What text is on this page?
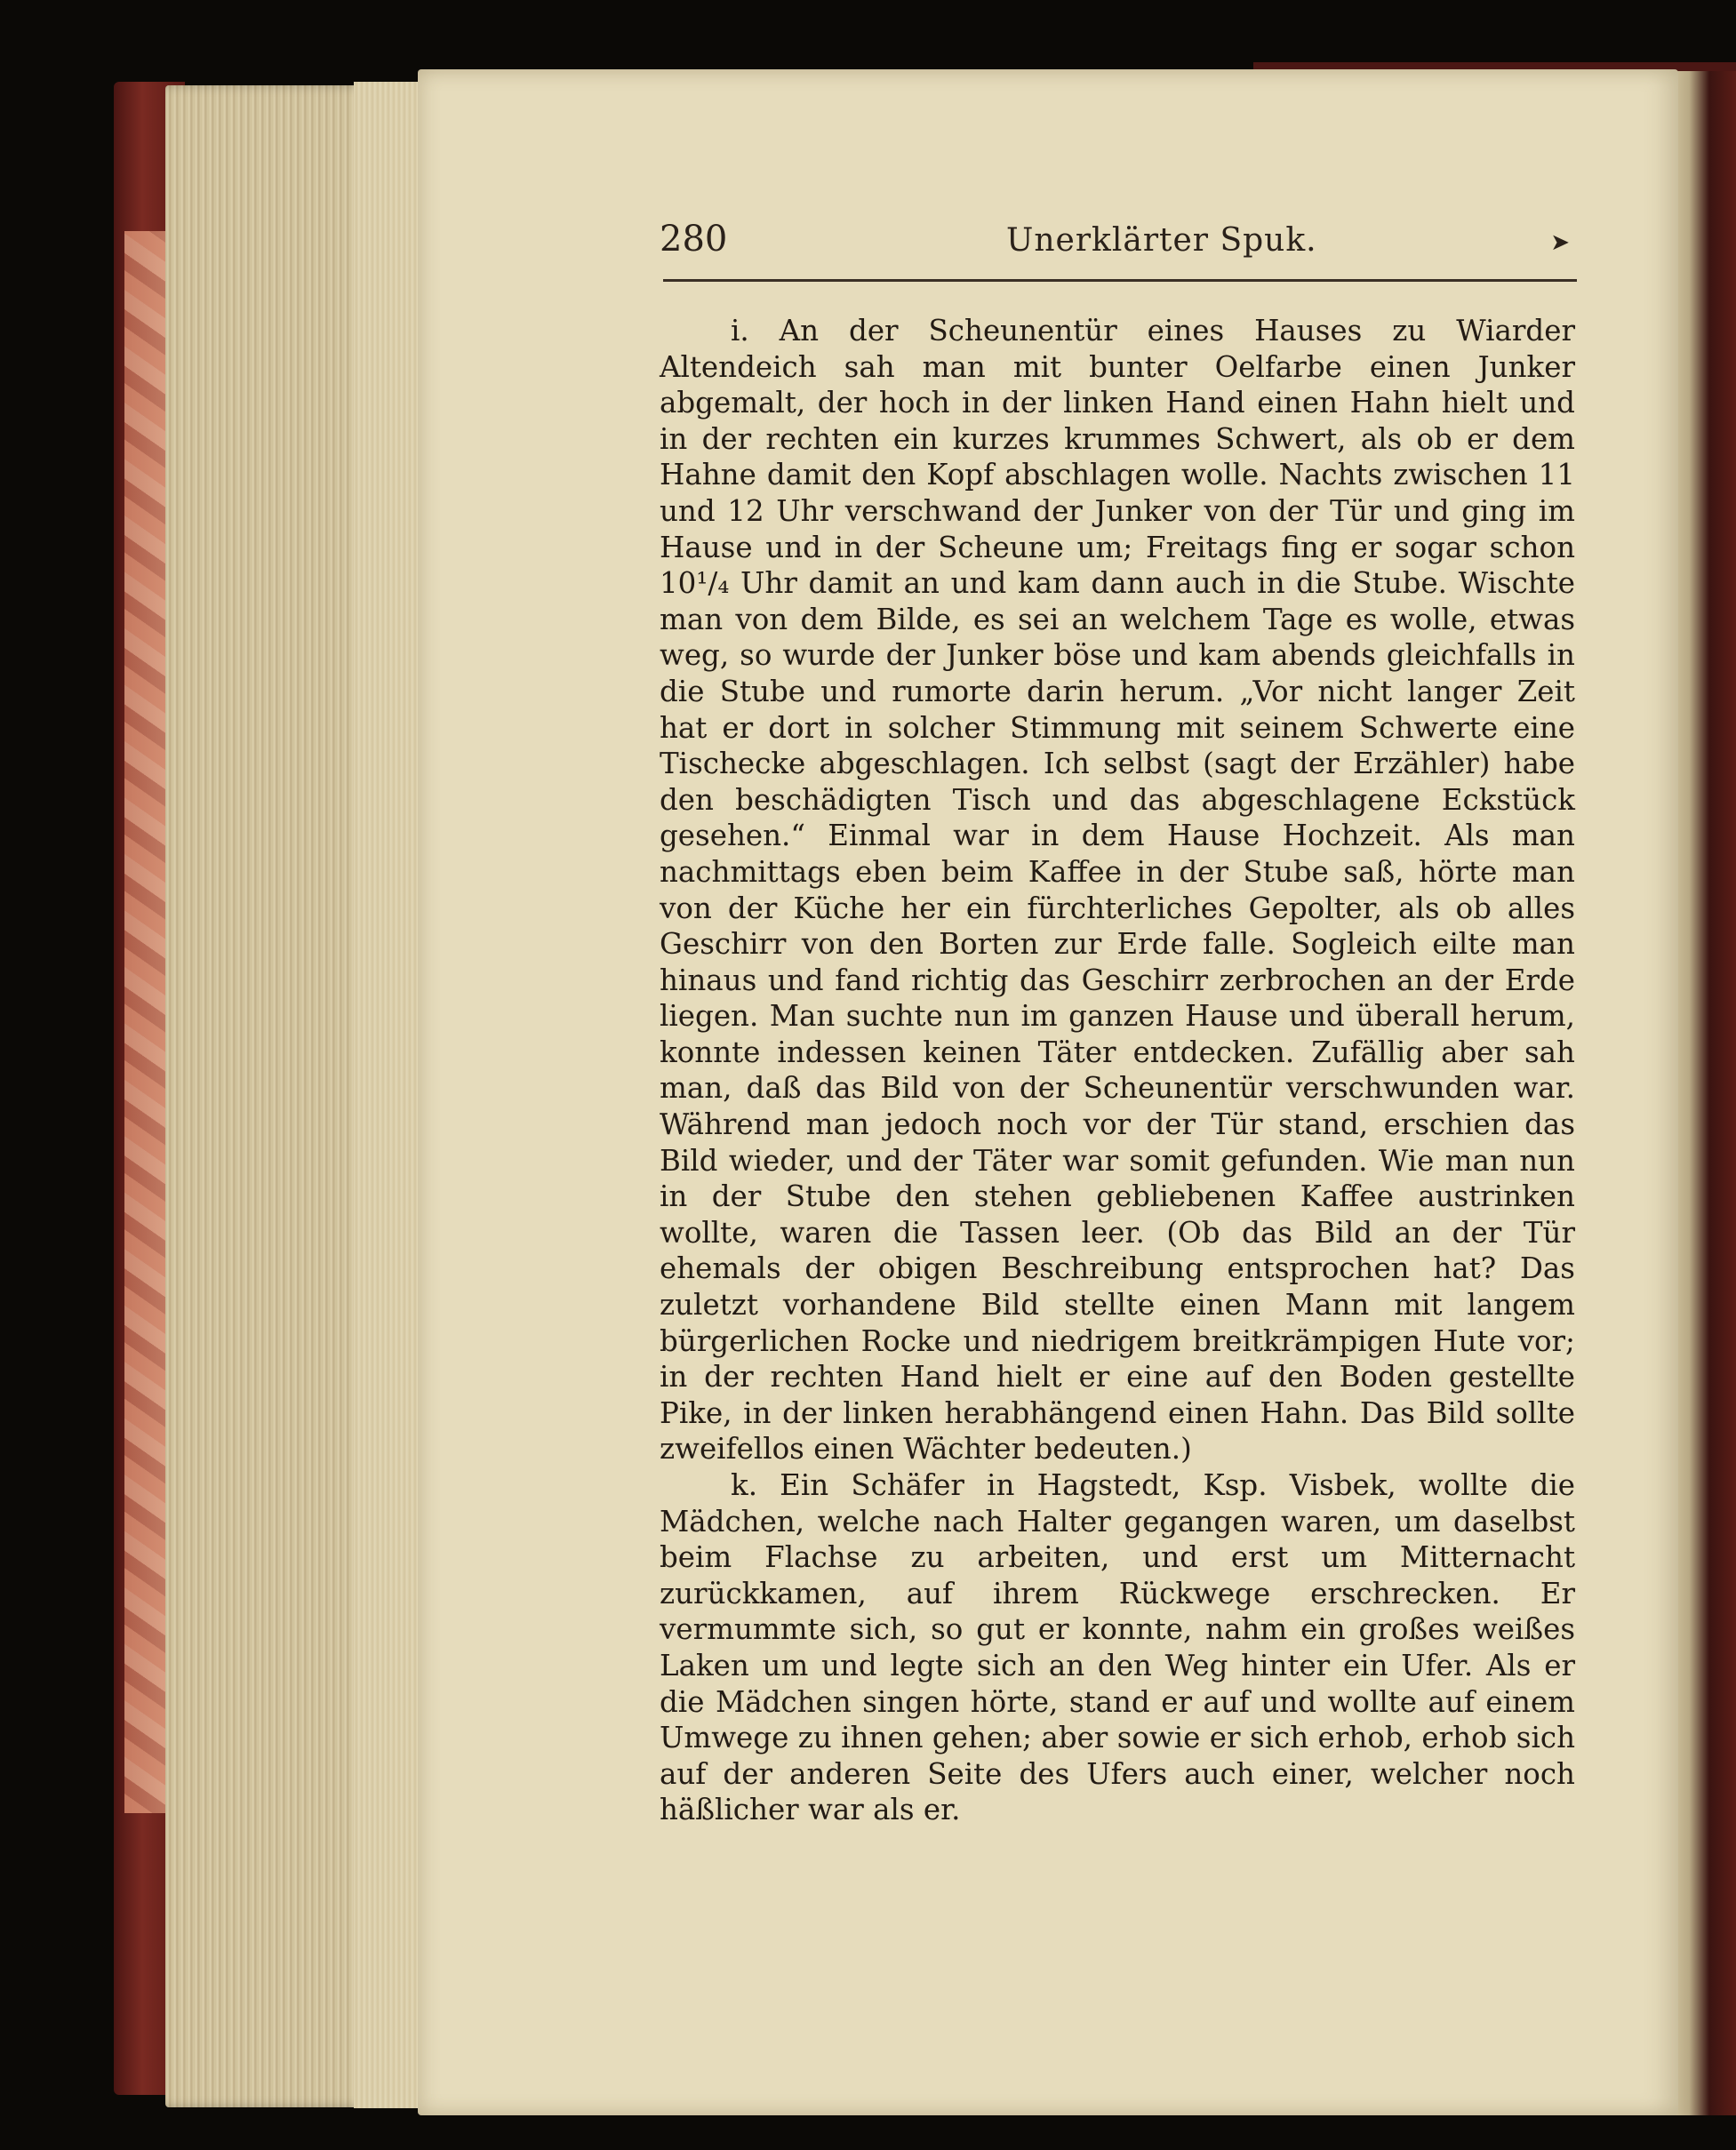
280	Unerklärter Spuk.	➤

i. An der Scheunentür eines Hauses zu Wiarder Altendeich sah man mit bunter Oelfarbe einen Junker abgemalt, der hoch in der linken Hand einen Hahn hielt und in der rechten ein kurzes krummes Schwert, als ob er dem Hahne damit den Kopf abschlagen wolle. Nachts zwischen 11 und 12 Uhr verschwand der Junker von der Tür und ging im Hause und in der Scheune um; Freitags fing er sogar schon 10¹/₄ Uhr damit an und kam dann auch in die Stube. Wischte man von dem Bilde, es sei an welchem Tage es wolle, etwas weg, so wurde der Junker böse und kam abends gleichfalls in die Stube und rumorte darin herum. „Vor nicht langer Zeit hat er dort in solcher Stimmung mit seinem Schwerte eine Tischecke abgeschlagen. Ich selbst (sagt der Erzähler) habe den beschädigten Tisch und das abgeschlagene Eckstück gesehen.“ Einmal war in dem Hause Hochzeit. Als man nachmittags eben beim Kaffee in der Stube saß, hörte man von der Küche her ein fürchterliches Gepolter, als ob alles Geschirr von den Borten zur Erde falle. Sogleich eilte man hinaus und fand richtig das Geschirr zerbrochen an der Erde liegen. Man suchte nun im ganzen Hause und überall herum, konnte indessen keinen Täter entdecken. Zufällig aber sah man, daß das Bild von der Scheunentür verschwunden war. Während man jedoch noch vor der Tür stand, erschien das Bild wieder, und der Täter war somit gefunden. Wie man nun in der Stube den stehen gebliebenen Kaffee austrinken wollte, waren die Tassen leer. (Ob das Bild an der Tür ehemals der obigen Beschreibung entsprochen hat? Das zuletzt vorhandene Bild stellte einen Mann mit langem bürgerlichen Rocke und niedrigem breitkrämpigen Hute vor; in der rechten Hand hielt er eine auf den Boden gestellte Pike, in der linken herabhängend einen Hahn. Das Bild sollte zweifellos einen Wächter bedeuten.)

k. Ein Schäfer in Hagstedt, Ksp. Visbek, wollte die Mädchen, welche nach Halter gegangen waren, um daselbst beim Flachse zu arbeiten, und erst um Mitternacht zurückkamen, auf ihrem Rückwege erschrecken. Er vermummte sich, so gut er konnte, nahm ein großes weißes Laken um und legte sich an den Weg hinter ein Ufer. Als er die Mädchen singen hörte, stand er auf und wollte auf einem Umwege zu ihnen gehen; aber sowie er sich erhob, erhob sich auf der anderen Seite des Ufers auch einer, welcher noch häßlicher war als er.
